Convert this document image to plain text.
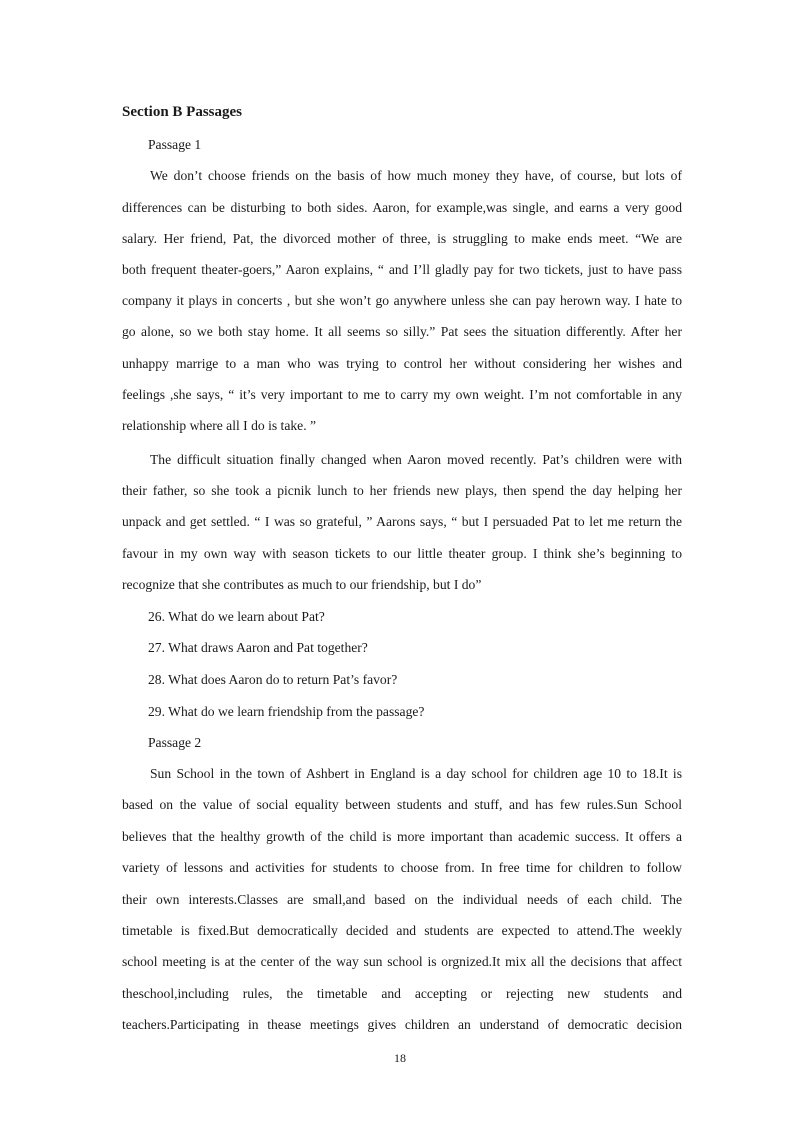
Section B Passages
Passage 1
We don’t choose friends on the basis of how much money they have, of course, but lots of
differences can be disturbing to both sides. Aaron, for example,was single, and earns a very good
salary. Her friend, Pat, the divorced mother of three, is struggling to make ends meet. “We are
both frequent theater-goers,” Aaron explains, “ and I’ll gladly pay for two tickets, just to have pass
company it plays in concerts , but she won’t go anywhere unless she can pay herown way. I hate to
go alone, so we both stay home. It all seems so silly.” Pat sees the situation differently. After her
unhappy marrige to a man who was trying to control her without considering her wishes and
feelings ,she says, “ it’s very important to me to carry my own weight. I’m not comfortable in any
relationship where all I do is take. ”
The difficult situation finally changed when Aaron moved recently. Pat’s children were with
their father, so she took a picnik lunch to her friends new plays, then spend the day helping her
unpack and get settled. “ I was so grateful, ” Aarons says, “ but I persuaded Pat to let me return the
favour in my own way with season tickets to our little theater group. I think she’s beginning to
recognize that she contributes as much to our friendship, but I do”
26. What do we learn about Pat?
27. What draws Aaron and Pat together?
28. What does Aaron do to return Pat’s favor?
29. What do we learn friendship from the passage?
Passage 2
Sun School in the town of Ashbert in England is a day school for children age 10 to 18.It is
based on the value of social equality between students and stuff, and has few rules.Sun School
believes that the healthy growth of the child is more important than academic success. It offers a
variety of lessons and activities for students to choose from. In free time for children to follow
their own interests.Classes are small,and based on the individual needs of each child. The
timetable is fixed.But democratically decided and students are expected to attend.The weekly
school meeting is at the center of the way sun school is orgnized.It mix all the decisions that affect
theschool,including rules, the timetable and accepting or rejecting new students and
teachers.Participating in thease meetings gives children an understand of democratic decision
18
